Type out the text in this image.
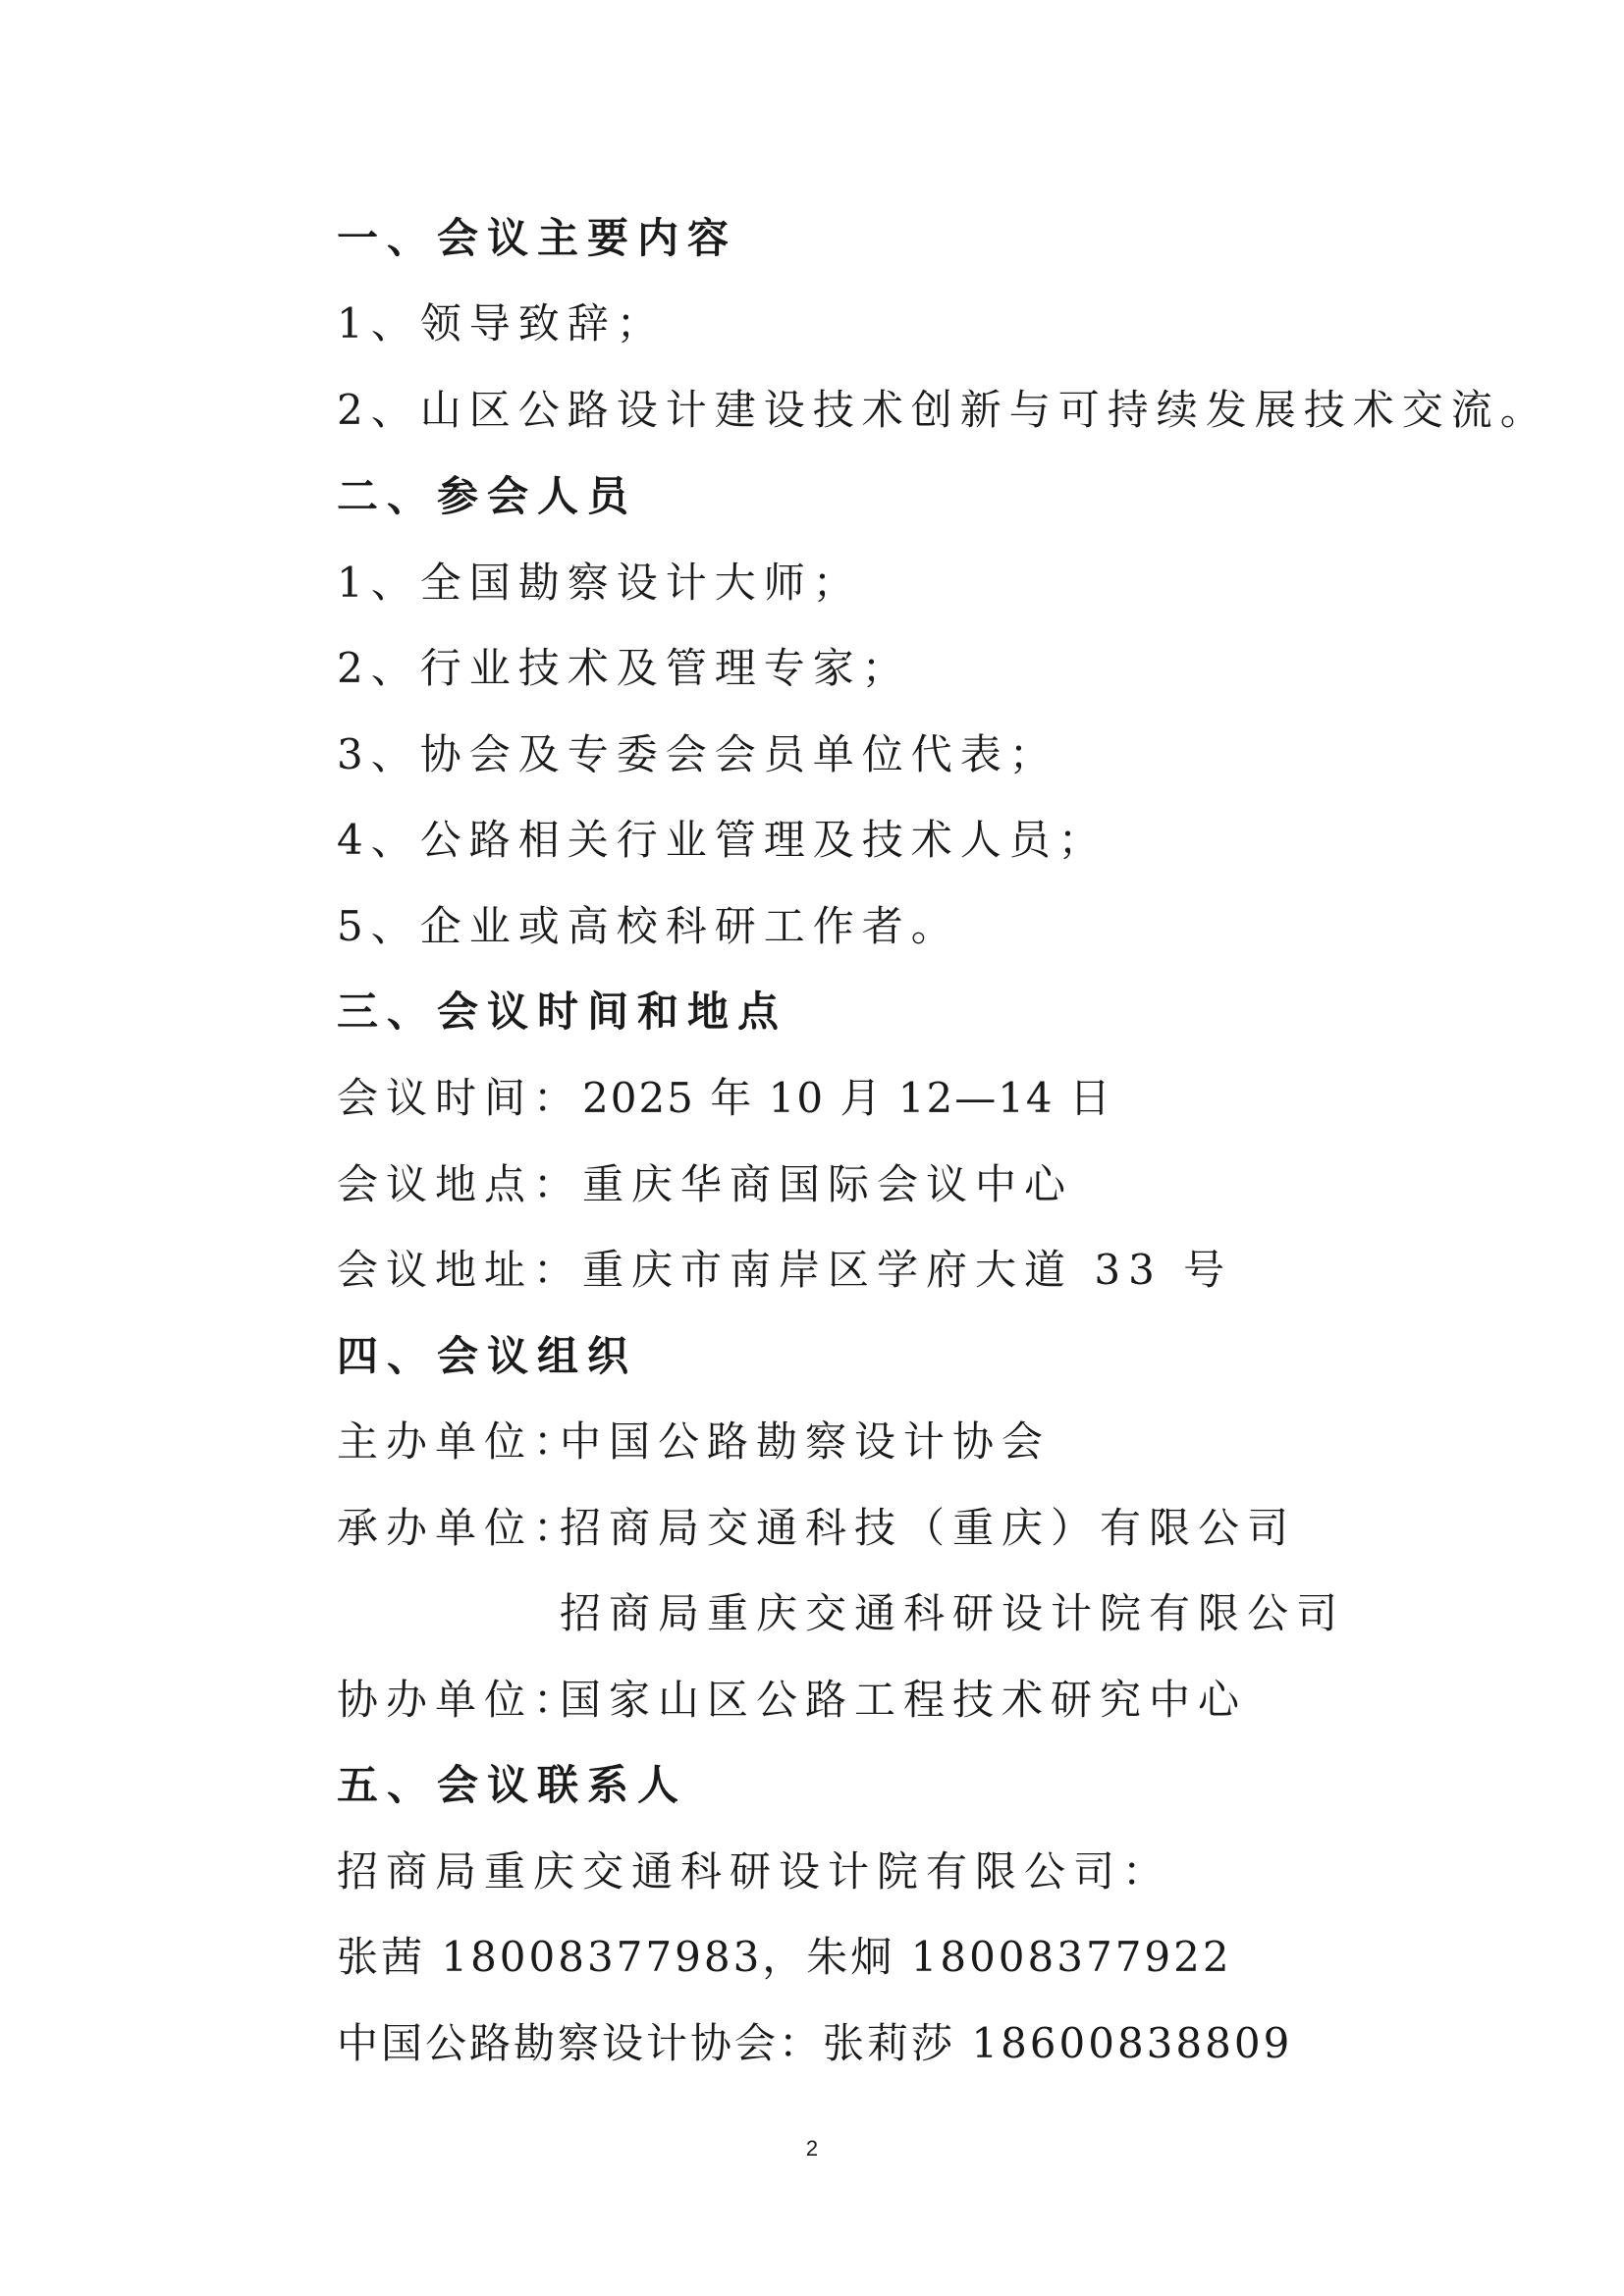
一、会议主要内容
1、领导致辞；
2、山区公路设计建设技术创新与可持续发展技术交流。
二、参会人员
1、全国勘察设计大师；
2、行业技术及管理专家；
3、协会及专委会会员单位代表；
4、公路相关行业管理及技术人员；
5、企业或高校科研工作者。
三、会议时间和地点
会议时间：2025 年 10 月 12—14 日
会议地点：重庆华商国际会议中心
会议地址：重庆市南岸区学府大道 33 号
四、会议组织
主办单位：中国公路勘察设计协会
承办单位：招商局交通科技（重庆）有限公司
招商局重庆交通科研设计院有限公司
协办单位：国家山区公路工程技术研究中心
五、会议联系人
招商局重庆交通科研设计院有限公司：
张茜 18008377983，朱炯 18008377922
中国公路勘察设计协会：张莉莎 18600838809
2
